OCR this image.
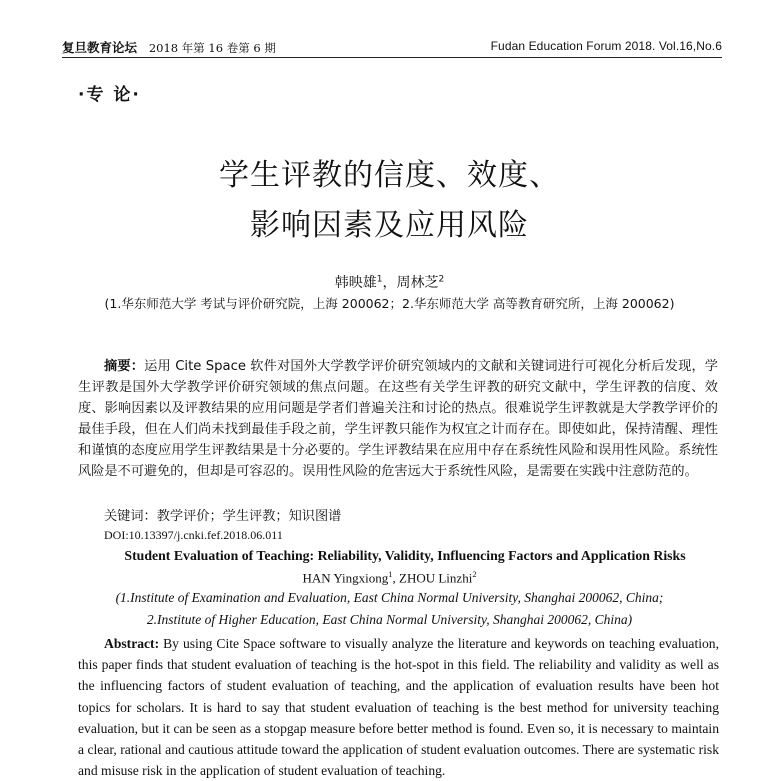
复旦教育论坛 2018 年第 16 卷第 6 期	Fudan Education Forum 2018. Vol.16,No.6
·专 论·
学生评教的信度、效度、
影响因素及应用风险
韩映雄$^1$，周林芝$^2$
(1.华东师范大学 考试与评价研究院，上海 200062；2.华东师范大学 高等教育研究所，上海 200062)
摘要：运用 Cite Space 软件对国外大学教学评价研究领域内的文献和关键词进行可视化分析后发现，学生评教是国外大学教学评价研究领域的焦点问题。在这些有关学生评教的研究文献中，学生评教的信度、效度、影响因素以及评教结果的应用问题是学者们普遍关注和讨论的热点。很难说学生评教就是大学教学评价的最佳手段，但在人们尚未找到最佳手段之前，学生评教只能作为权宜之计而存在。即使如此，保持清醒、理性和谨慎的态度应用学生评教结果是十分必要的。学生评教结果在应用中存在系统性风险和误用性风险。系统性风险是不可避免的，但却是可容忍的。误用性风险的危害远大于系统性风险，是需要在实践中注意防范的。
关键词：教学评价；学生评教；知识图谱
DOI:10.13397/j.cnki.fef.2018.06.011
Student Evaluation of Teaching: Reliability, Validity, Influencing Factors and Application Risks
HAN Yingxiong$^1$, ZHOU Linzhi$^2$
(1.Institute of Examination and Evaluation, East China Normal University, Shanghai 200062, China;
2.Institute of Higher Education, East China Normal University, Shanghai 200062, China)
Abstract: By using Cite Space software to visually analyze the literature and keywords on teaching evaluation, this paper finds that student evaluation of teaching is the hot-spot in this field. The reliability and validity as well as the influencing factors of student evaluation of teaching, and the application of evaluation results have been hot topics for scholars. It is hard to say that student evaluation of teaching is the best method for university teaching evaluation, but it can be seen as a stopgap measure before better method is found. Even so, it is necessary to maintain a clear, rational and cautious attitude toward the application of student evaluation outcomes. There are systematic risk and misuse risk in the application of student evaluation of teaching.
